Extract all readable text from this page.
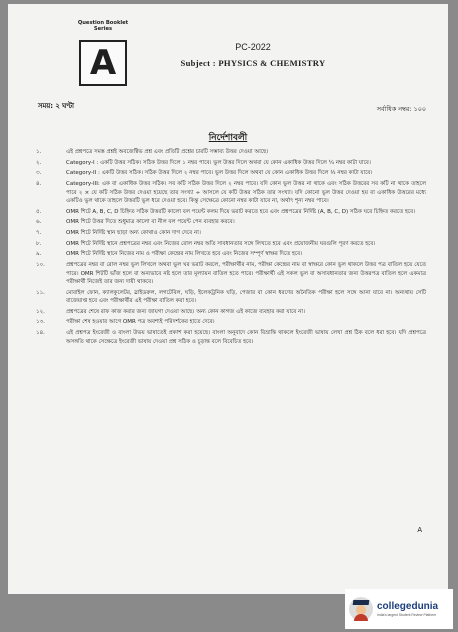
Question Booklet Series
A	PC-2022
Subject : PHYSICS & CHEMISTRY
সময়: ২ ঘণ্টা	সর্বাধিক নম্বর: ১০০
নির্দেশাবলী
১.	এই প্রশ্নপত্রে সমস্ত প্রশ্নই অবজেক্টিভ প্রশ্ন এবং প্রতিটি প্রশ্নের চারটি সম্ভাব্য উত্তর দেওয়া আছে।
২.	Category-I : একটি উত্তর সঠিক। সঠিক উত্তর দিলে ১ নম্বর পাবে। ভুল উত্তর দিলে অথবা যে কোন একাধিক উত্তর দিলে ¼ নম্বর কাটা যাবে।
৩.	Category-II : একটি উত্তর সঠিক। সঠিক উত্তর দিলে ২ নম্বর পাবে। ভুল উত্তর দিলে অথবা যে কোন একাধিক উত্তর দিলে ½ নম্বর কাটা যাবে।
৪.	Category-III: এক বা একাধিক উত্তর সঠিক। সব কটি সঠিক উত্তর দিলে ২ নম্বর পাবে। যদি কোন ভুল উত্তর না থাকে এবং সঠিক উত্তরের সব কটি না থাকে তাহলে পাবে ২ × যে কটি সঠিক উত্তর দেওয়া হয়েছে তার সংখ্যা ÷ আসলে যে কটি উত্তর সঠিক তার সংখ্যা। যদি কোনো ভুল উত্তর দেওয়া হয় বা একাধিক উত্তরের মধ্যে একটিও ভুল থাকে তাহলে উত্তরটি ভুল ধরে দেওয়া হবে। কিন্তু সেক্ষেত্রে কোনো নম্বর কাটা যাবে না, অর্থাৎ শূন্য নম্বর পাবে।
৫.	OMR শিটে A, B, C, D চিহ্নিত সঠিক উত্তরটি কালো বল পয়েন্ট কলম দিয়ে ভরাট করতে হবে এবং প্রশ্নপত্রের নির্দিষ্ট (A, B, C, D) সঠিক ঘরে চিহ্নিত করতে হবে।
৬.	OMR শিটে উত্তর দিতে শুধুমাত্র কালো বা নীল বল পয়েন্ট পেন ব্যবহার করবে।
৭.	OMR শিটে নির্দিষ্ট স্থান ছাড়া অন্য কোথাও কোন দাগ দেবে না।
৮.	OMR শিটে নির্দিষ্ট স্থানে প্রশ্নপত্রের নম্বর এবং নিজের রোল নম্বর অতি সাবধানতার সঙ্গে লিখতে হবে এবং প্রয়োজনীয় ঘরগুলি পূরণ করতে হবে।
৯.	OMR শিটে নির্দিষ্ট স্থানে নিজের নাম ও পরীক্ষা কেন্দ্রের নাম লিখতে হবে এবং নিজের সম্পূর্ণ স্বাক্ষর দিতে হবে।
১০.	প্রশ্নপত্রের নম্বর বা রোল নম্বর ভুল লিখলে অথবা ভুল ঘর ভরাট করলে, পরীক্ষার্থীর নাম, পরীক্ষা কেন্দ্রের নাম বা স্বাক্ষরে কোন ভুল থাকলে উত্তর পত্র বাতিল হয়ে যেতে পারে। OMR শিটটি ভাঁজ হলে বা অন্যভাবে নষ্ট হলে তার মূল্যায়ন বাতিল হতে পারে। পরীক্ষার্থী এই সকল ভুল বা অসাবধানতার জন্য উত্তরপত্র বাতিল হলে একমাত্র পরীক্ষার্থী নিজেই তার জন্য দায়ী থাকবে।
১১.	মোবাইল ফোন, ক্যালকুলেটর, স্লাইডরুল, লগটেবিল, ঘড়ি, ইলেকট্রনিক ঘড়ি, পেজার বা কোন ধরণের অনৈতিক পরীক্ষা হলে সঙ্গে আনা যাবে না। অন্যথায় সেটি বাজেয়াপ্ত হবে এবং পরীক্ষার্থীর এই পরীক্ষা বাতিল করা হবে।
১২.	প্রশ্নপত্রের শেষে রাফ কাজ করার জন্য জায়গা দেওয়া আছে। অন্য কোন কাগজ এই কাজে ব্যবহার করা যাবে না।
১৩.	পরীক্ষা শেষ হওয়ার আগে OMR পত্র অবশ্যই পরিদর্শকের হাতে দেবে।
১৪.	এই প্রশ্নপত্র ইংরেজী ও বাংলা উভয় ভাষাতেই প্রকাশ করা হয়েছে। বাংলা অনুবাদে কোন বিভ্রান্তি থাকলে ইংরেজী ভাষায় লেখা প্রশ্ন ঠিক বলে ধরা হবে। যদি প্রশ্নপত্রে অসঙ্গতি থাকে সেক্ষেত্রে ইংরেজী ভাষায় দেওয়া প্রশ্ন সঠিক ও চূড়ান্ত বলে বিবেচিত হবে।
A
collegedunia
India's largest Student Review Platform
